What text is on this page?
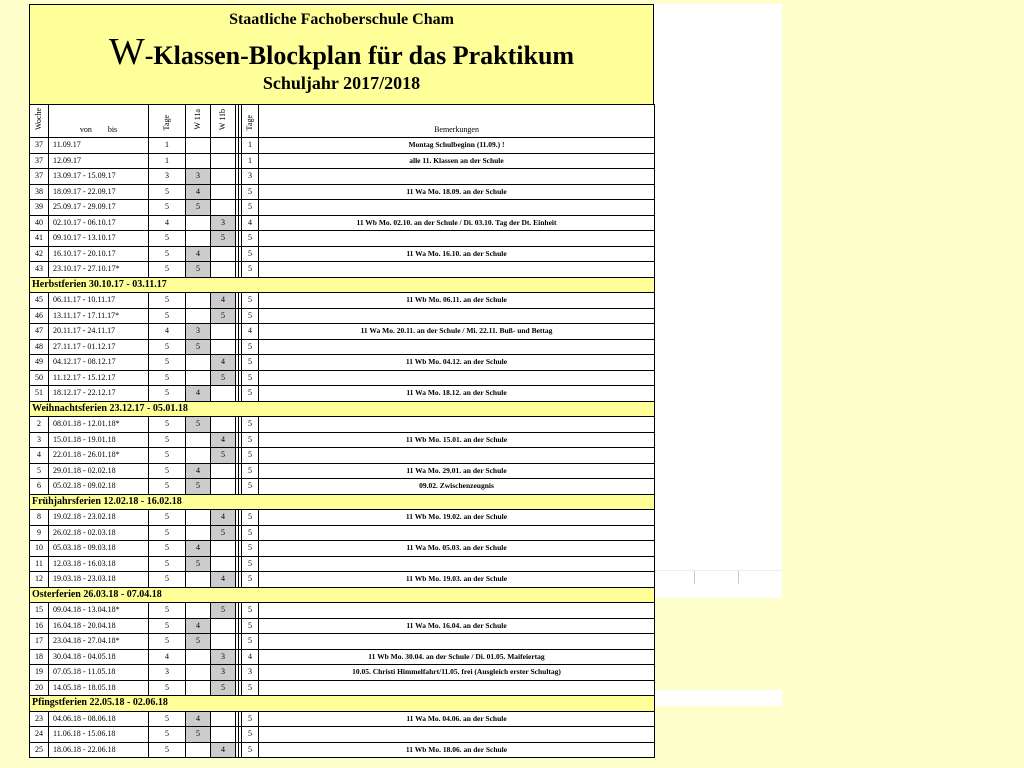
Staatliche Fachoberschule Cham
W-Klassen-Blockplan für das Praktikum
Schuljahr 2017/2018
Woche	von bis	Tage	W 11a	W 11b			Tage	Bemerkungen
37	11.09.17	1					1	Montag Schulbeginn (11.09.) !
37	12.09.17	1					1	alle 11. Klassen an der Schule
37	13.09.17 - 15.09.17	3	3				3	
38	18.09.17 - 22.09.17	5	4				5	11 Wa Mo. 18.09. an der Schule
39	25.09.17 - 29.09.17	5	5				5	
40	02.10.17 - 06.10.17	4		3			4	11 Wb Mo. 02.10. an der Schule / Di. 03.10. Tag der Dt. Einheit
41	09.10.17 - 13.10.17	5		5			5	
42	16.10.17 - 20.10.17	5	4				5	11 Wa Mo. 16.10. an der Schule
43	23.10.17 - 27.10.17*	5	5				5	
Herbstferien 30.10.17 - 03.11.17								
45	06.11.17 - 10.11.17	5		4			5	11 Wb Mo. 06.11. an der Schule
46	13.11.17 - 17.11.17*	5		5			5	
47	20.11.17 - 24.11.17	4	3				4	11 Wa Mo. 20.11. an der Schule / Mi. 22.11. Buß- und Bettag
48	27.11.17 - 01.12.17	5	5				5	
49	04.12.17 - 08.12.17	5		4			5	11 Wb Mo. 04.12. an der Schule
50	11.12.17 - 15.12.17	5		5			5	
51	18.12.17 - 22.12.17	5	4				5	11 Wa Mo. 18.12. an der Schule
Weihnachtsferien 23.12.17 - 05.01.18								
2	08.01.18 - 12.01.18*	5	5				5	
3	15.01.18 - 19.01.18	5		4			5	11 Wb Mo. 15.01. an der Schule
4	22.01.18 - 26.01.18*	5		5			5	
5	29.01.18 - 02.02.18	5	4				5	11 Wa Mo. 29.01. an der Schule
6	05.02.18 - 09.02.18	5	5				5	09.02. Zwischenzeugnis
Frühjahrsferien 12.02.18 - 16.02.18								
8	19.02.18 - 23.02.18	5		4			5	11 Wb Mo. 19.02. an der Schule
9	26.02.18 - 02.03.18	5		5			5	
10	05.03.18 - 09.03.18	5	4				5	11 Wa Mo. 05.03. an der Schule
11	12.03.18 - 16.03.18	5	5				5	
12	19.03.18 - 23.03.18	5		4			5	11 Wb Mo. 19.03. an der Schule
Osterferien 26.03.18 - 07.04.18								
15	09.04.18 - 13.04.18*	5		5			5	
16	16.04.18 - 20.04.18	5	4				5	11 Wa Mo. 16.04. an der Schule
17	23.04.18 - 27.04.18*	5	5				5	
18	30.04.18 - 04.05.18	4		3			4	11 Wb Mo. 30.04. an der Schule / Di. 01.05. Maifeiertag
19	07.05.18 - 11.05.18	3		3			3	10.05. Christi Himmelfahrt/11.05. frei (Ausgleich erster Schultag)
20	14.05.18 - 18.05.18	5		5			5	
Pfingstferien 22.05.18 - 02.06.18								
23	04.06.18 - 08.06.18	5	4				5	11 Wa Mo. 04.06. an der Schule
24	11.06.18 - 15.06.18	5	5				5	
25	18.06.18 - 22.06.18	5		4			5	11 Wb Mo. 18.06. an der Schule
